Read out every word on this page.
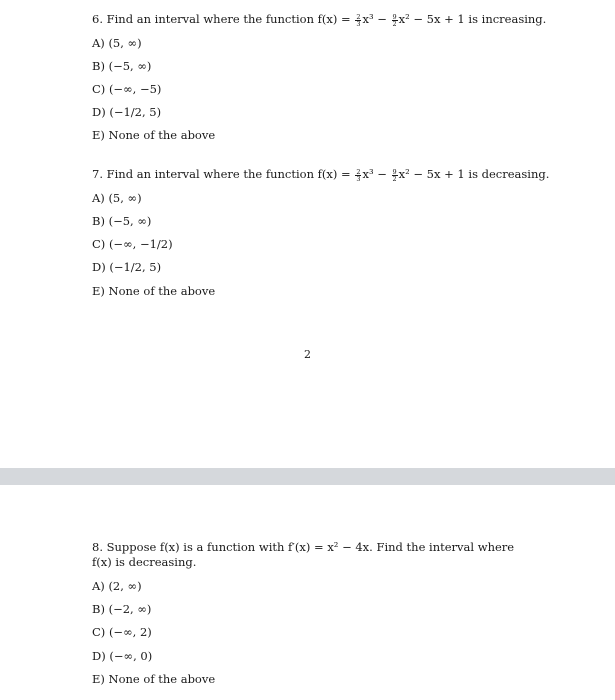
6. Find an interval where the function $f(x) = \frac{2}{3} x^3 - \frac{9}{2} x^2 - 5x + 1$ is increasing.
A) (5, ∞)
B) (−5, ∞)
C) (−∞, −5)
D) (−1/2, 5)
E) None of the above
7. Find an interval where the function $f(x) = \frac{2}{3} x^3 - \frac{9}{2} x^2 - 5x + 1$ is decreasing.
A) (5, ∞)
B) (−5, ∞)
C) (−∞, −1/2)
D) (−1/2, 5)
E) None of the above
2
8. Suppose f(x) is a function with f′(x) = x² − 4x. Find the interval where f(x) is decreasing.
A) (2, ∞)
B) (−2, ∞)
C) (−∞, 2)
D) (−∞, 0)
E) None of the above
